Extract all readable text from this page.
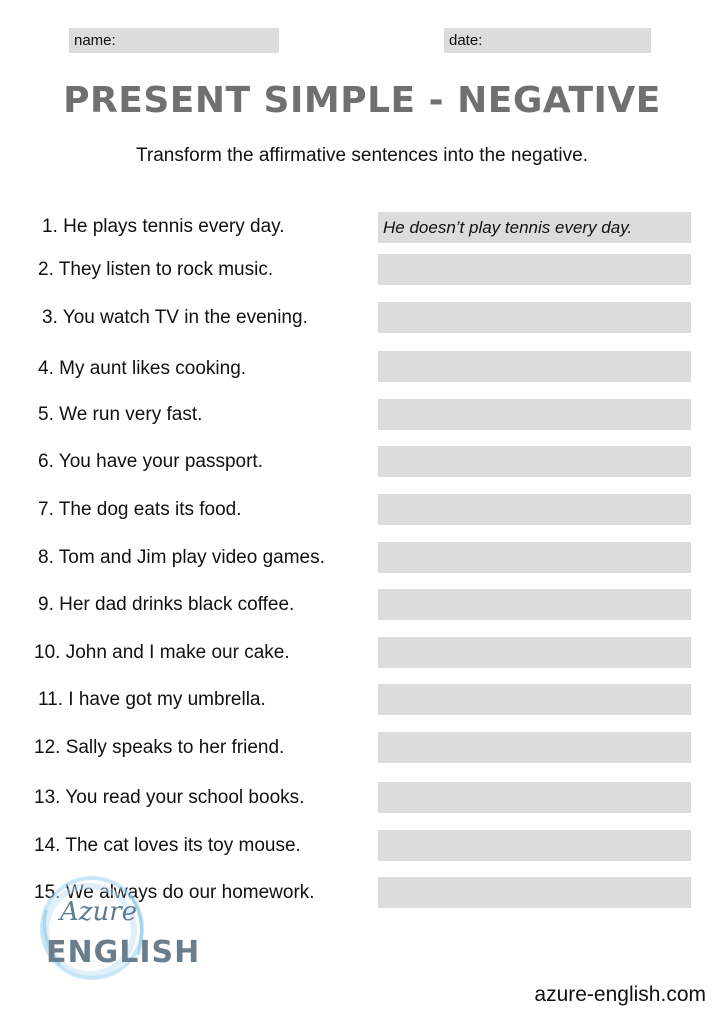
name:	date:
PRESENT SIMPLE - NEGATIVE
Transform the affirmative sentences into the negative.
1. He plays tennis every day.	He doesn’t play tennis every day.
2. They listen to rock music.
3. You watch TV in the evening.
4. My aunt likes cooking.
5. We run very fast.
6. You have your passport.
7. The dog eats its food.
8. Tom and Jim play video games.
9. Her dad drinks black coffee.
10. John and I make our cake.
11. I have got my umbrella.
12. Sally speaks to her friend.
13. You read your school books.
14. The cat loves its toy mouse.
15. We always do our homework.
Azure
ENGLISH
azure-english.com
